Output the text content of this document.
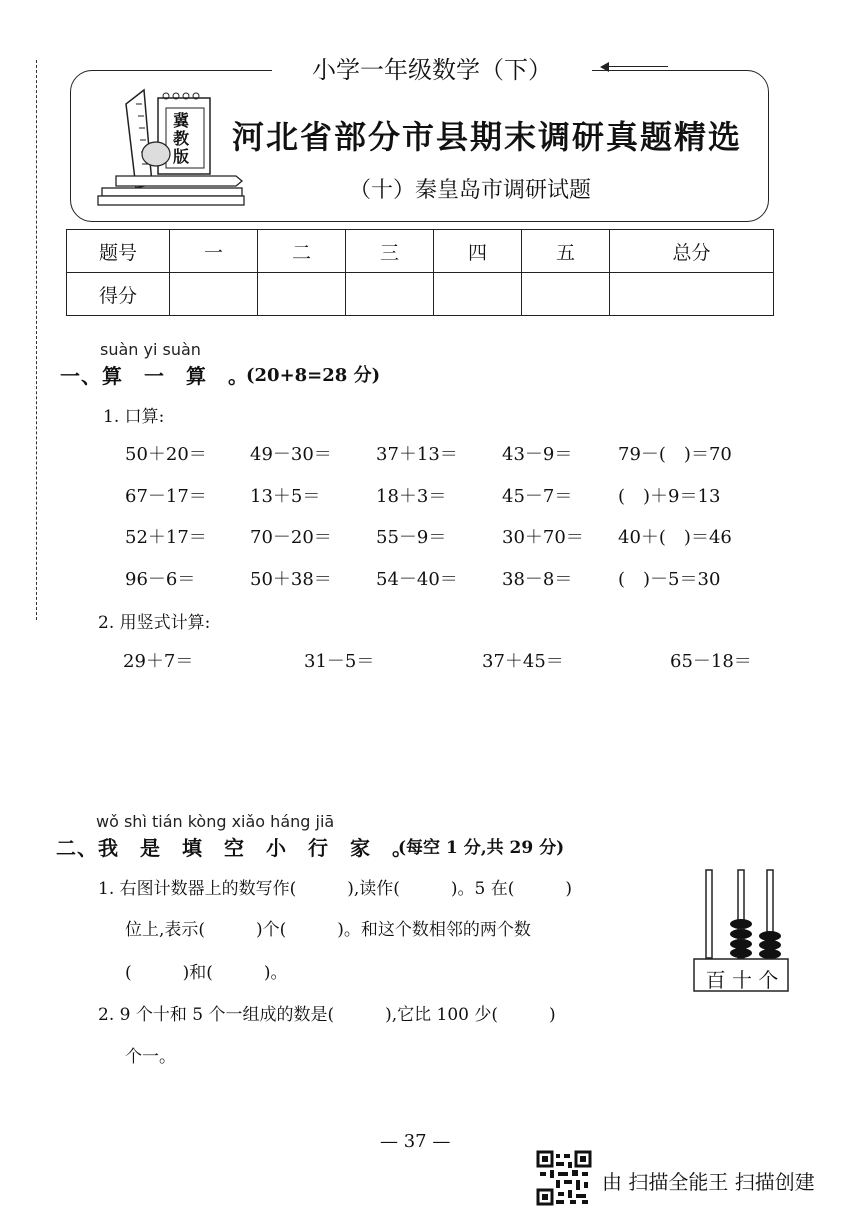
小学一年级数学（下）
冀教版
河北省部分市县期末调研真题精选
（十）秦皇岛市调研试题
题号	一	二	三	四	五	总分
得分						
suàn yi suàn
一、算　一　算　。
(20+8=28 分)
1. 口算:
50＋20＝ 49－30＝ 37＋13＝ 43－9＝	79－(　)＝70
67－17＝ 13＋5＝	18＋3＝	45－7＝	(　)＋9＝13
52＋17＝ 70－20＝ 55－9＝	30＋70＝ 40＋(　)＝46
96－6＝	50＋38＝ 54－40＝ 38－8＝	(　)－5＝30
2. 用竖式计算:
29＋7＝	31－5＝	37＋45＝	65－18＝
wǒ shì tián kòng xiǎo háng jiā
二、我　是　填　空　小　行　家　。
(每空 1 分,共 29 分)
1. 右图计数器上的数写作(　　　),读作(　　　)。5 在(　　　)
位上,表示(　　　)个(　　　)。和这个数相邻的两个数
(　　　)和(　　　)。
2. 9 个十和 5 个一组成的数是(　　　),它比 100 少(　　　)
个一。
百 十 个
— 37 —
由 扫描全能王 扫描创建
